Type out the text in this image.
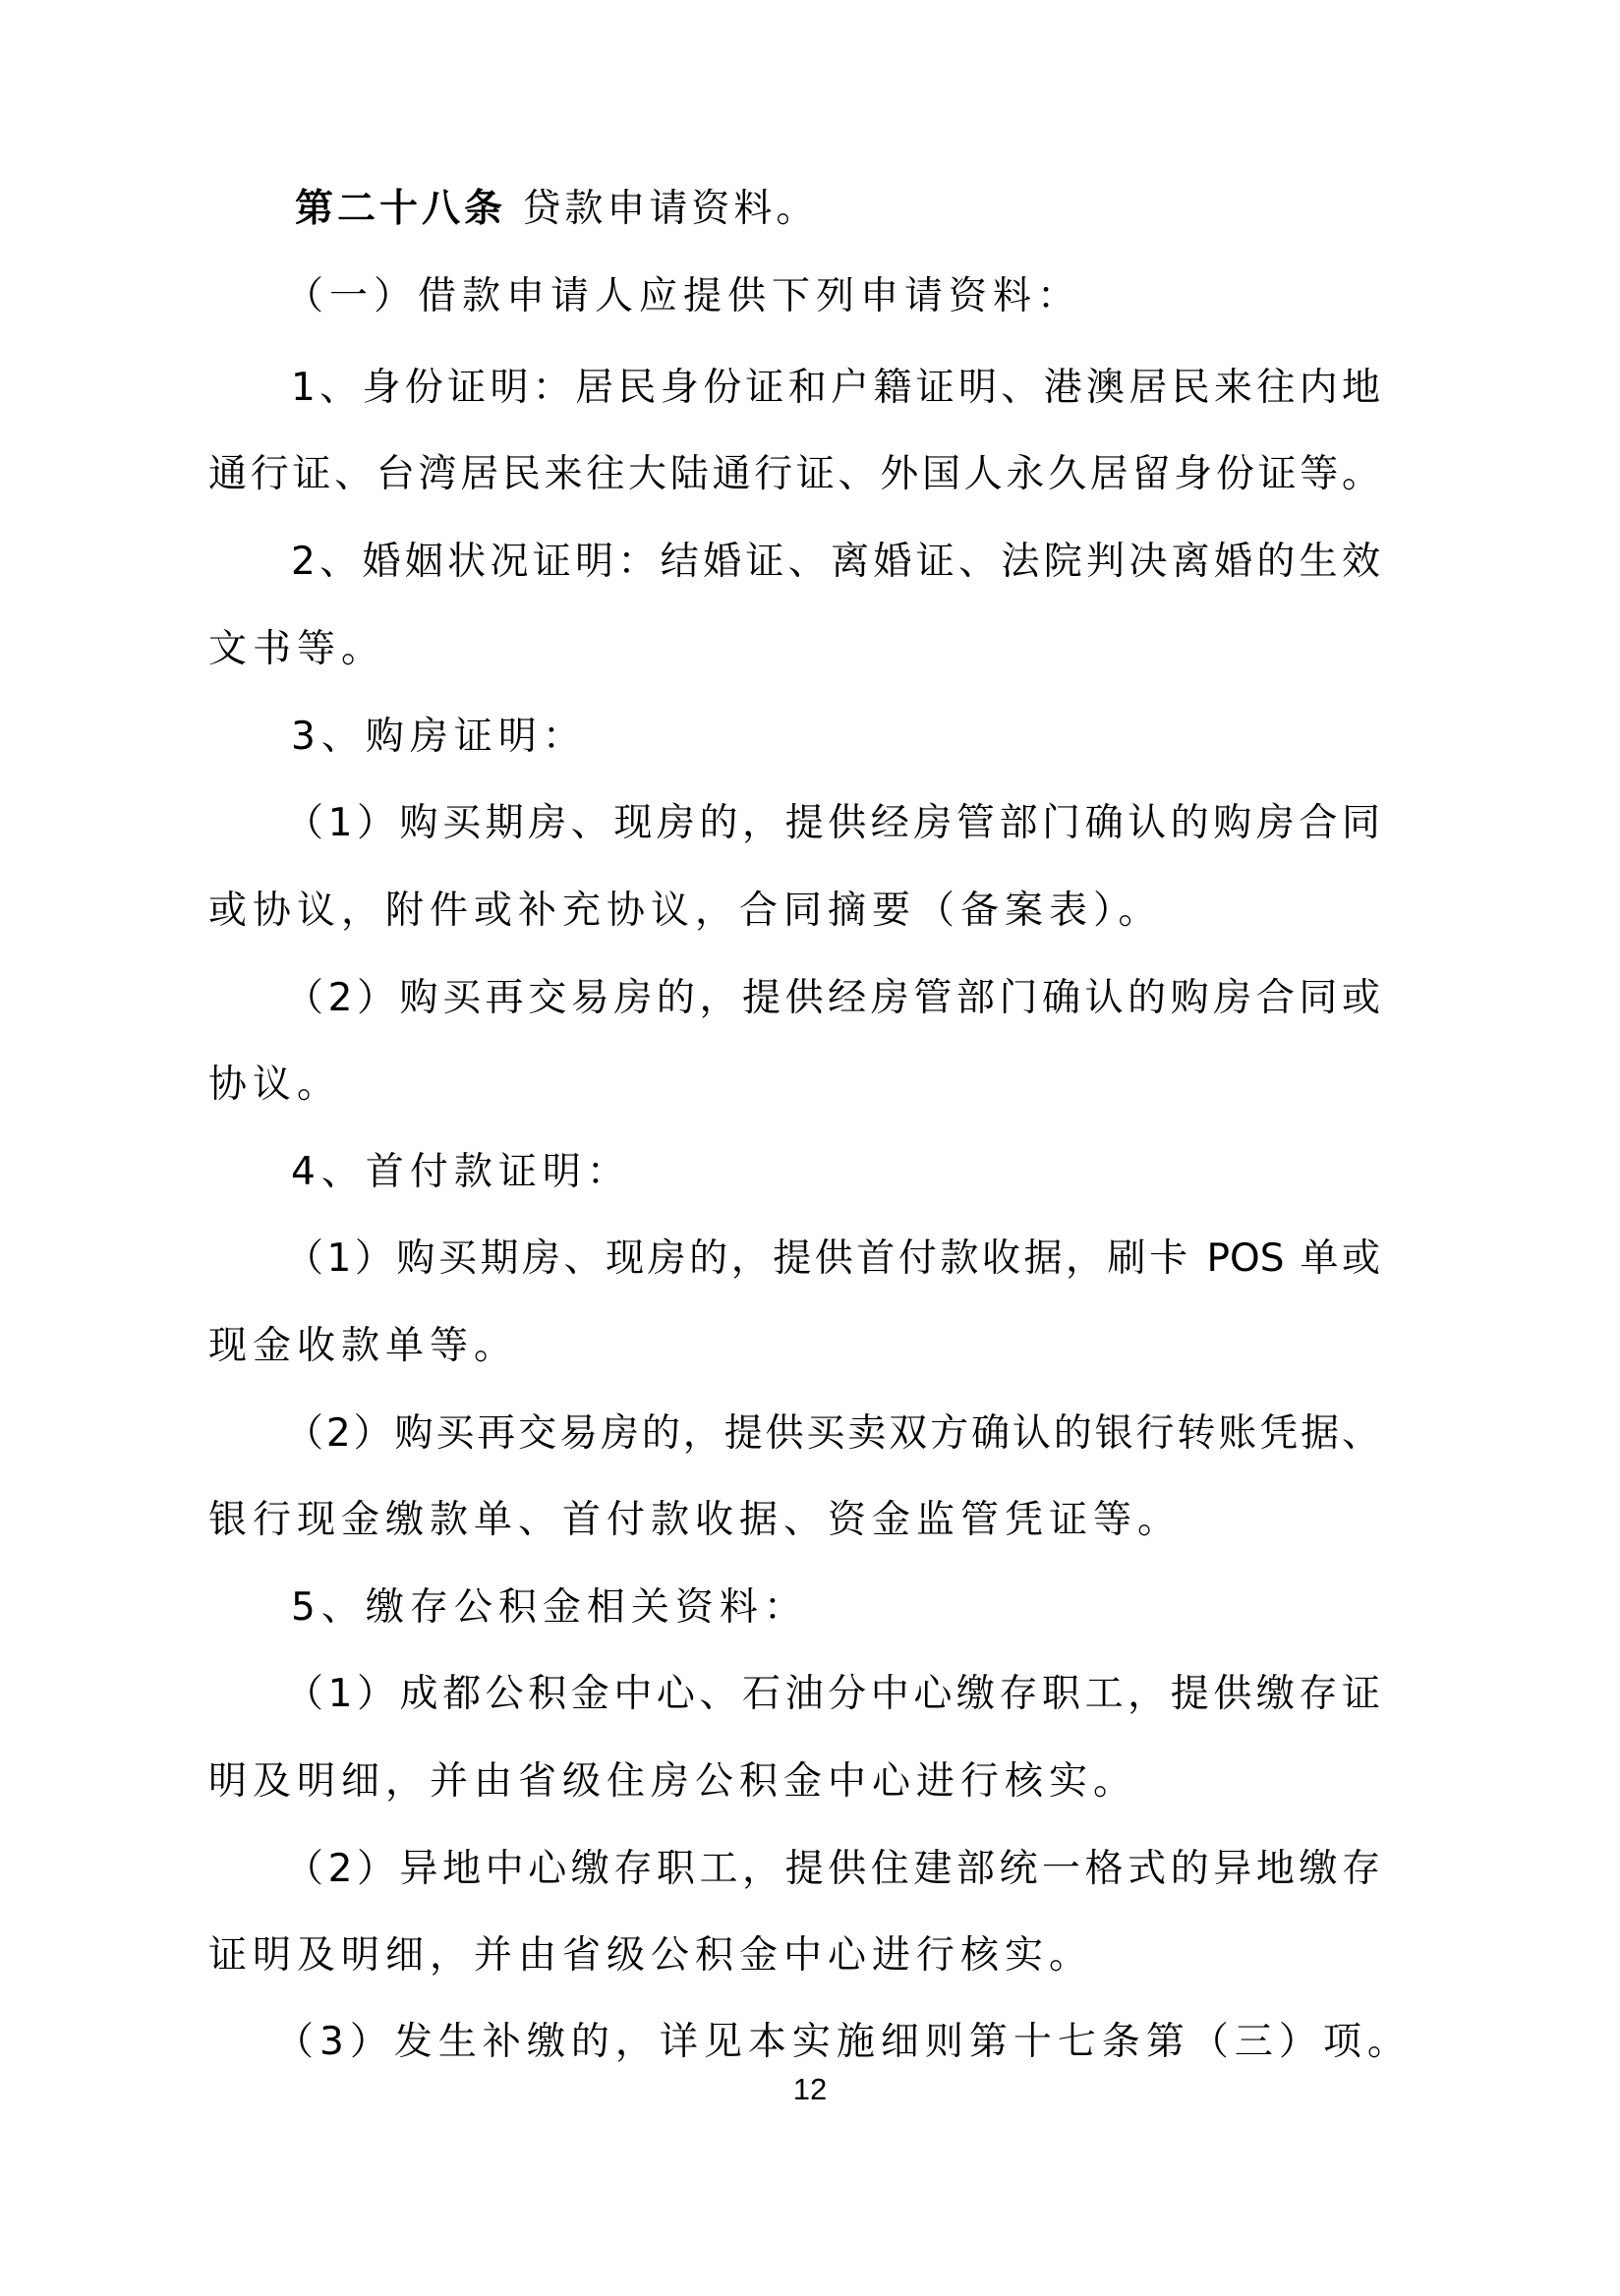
第二十八条 贷款申请资料。
（一）借款申请人应提供下列申请资料：
1、身份证明：居民身份证和户籍证明、港澳居民来往内地
通行证、台湾居民来往大陆通行证、外国人永久居留身份证等。
2、婚姻状况证明：结婚证、离婚证、法院判决离婚的生效
文书等。
3、购房证明：
（1）购买期房、现房的，提供经房管部门确认的购房合同
或协议，附件或补充协议，合同摘要（备案表）。
（2）购买再交易房的，提供经房管部门确认的购房合同或
协议。
4、首付款证明：
（1）购买期房、现房的，提供首付款收据，刷卡 POS 单或
现金收款单等。
（2）购买再交易房的，提供买卖双方确认的银行转账凭据、
银行现金缴款单、首付款收据、资金监管凭证等。
5、缴存公积金相关资料：
（1）成都公积金中心、石油分中心缴存职工，提供缴存证
明及明细，并由省级住房公积金中心进行核实。
（2）异地中心缴存职工，提供住建部统一格式的异地缴存
证明及明细，并由省级公积金中心进行核实。
（3）发生补缴的，详见本实施细则第十七条第（三）项。
12
